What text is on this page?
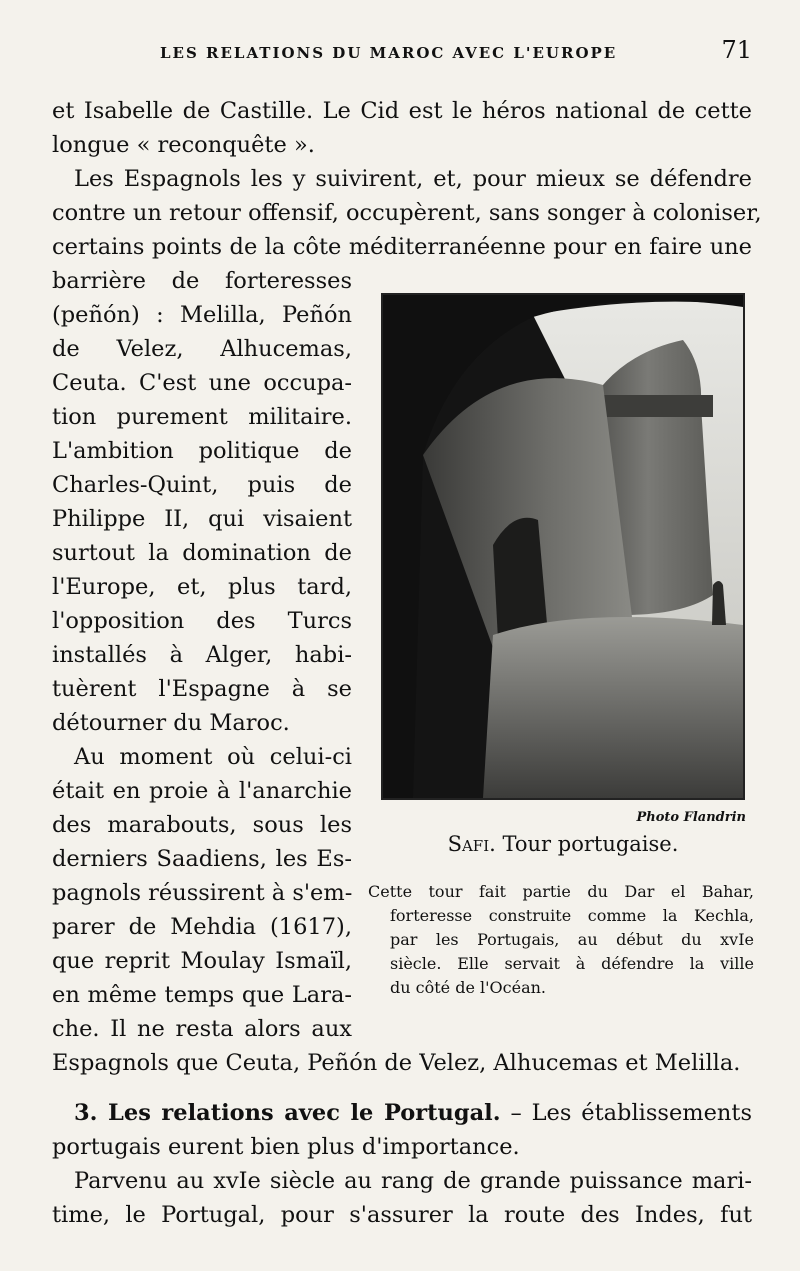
LES RELATIONS DU MAROC AVEC L'EUROPE	71
et Isabelle de Castille. Le Cid est le héros national de cette
longue « reconquête ».
Les Espagnols les y suivirent, et, pour mieux se défendre
contre un retour offensif, occupèrent, sans songer à coloniser,
certains points de la côte méditerranéenne pour en faire une
barrière de forteresses
(peñón) : Melilla, Peñón
de Velez, Alhucemas,
Ceuta. C'est une occupa-
tion purement militaire.
L'ambition politique de
Charles-Quint, puis de
Philippe II, qui visaient
surtout la domination de
l'Europe, et, plus tard,
l'opposition des Turcs
installés à Alger, habi-
tuèrent l'Espagne à se
détourner du Maroc.
Au moment où celui-ci
était en proie à l'anarchie
des marabouts, sous les
derniers Saadiens, les Es-
pagnols réussirent à s'em-
parer de Mehdia (1617),
que reprit Moulay Ismaïl,
en même temps que Lara-
che. Il ne resta alors aux
Espagnols que Ceuta, Peñón de Velez, Alhucemas et Melilla.
3. Les relations avec le Portugal. – Les établissements
portugais eurent bien plus d'importance.
Parvenu au xvIe siècle au rang de grande puissance mari-
time, le Portugal, pour s'assurer la route des Indes, fut
Photo Flandrin
Safi. Tour portugaise.
Cette tour fait partie du Dar el Bahar,
forteresse construite comme la Kechla,
par les Portugais, au début du xvIe
siècle. Elle servait à défendre la ville
du côté de l'Océan.
